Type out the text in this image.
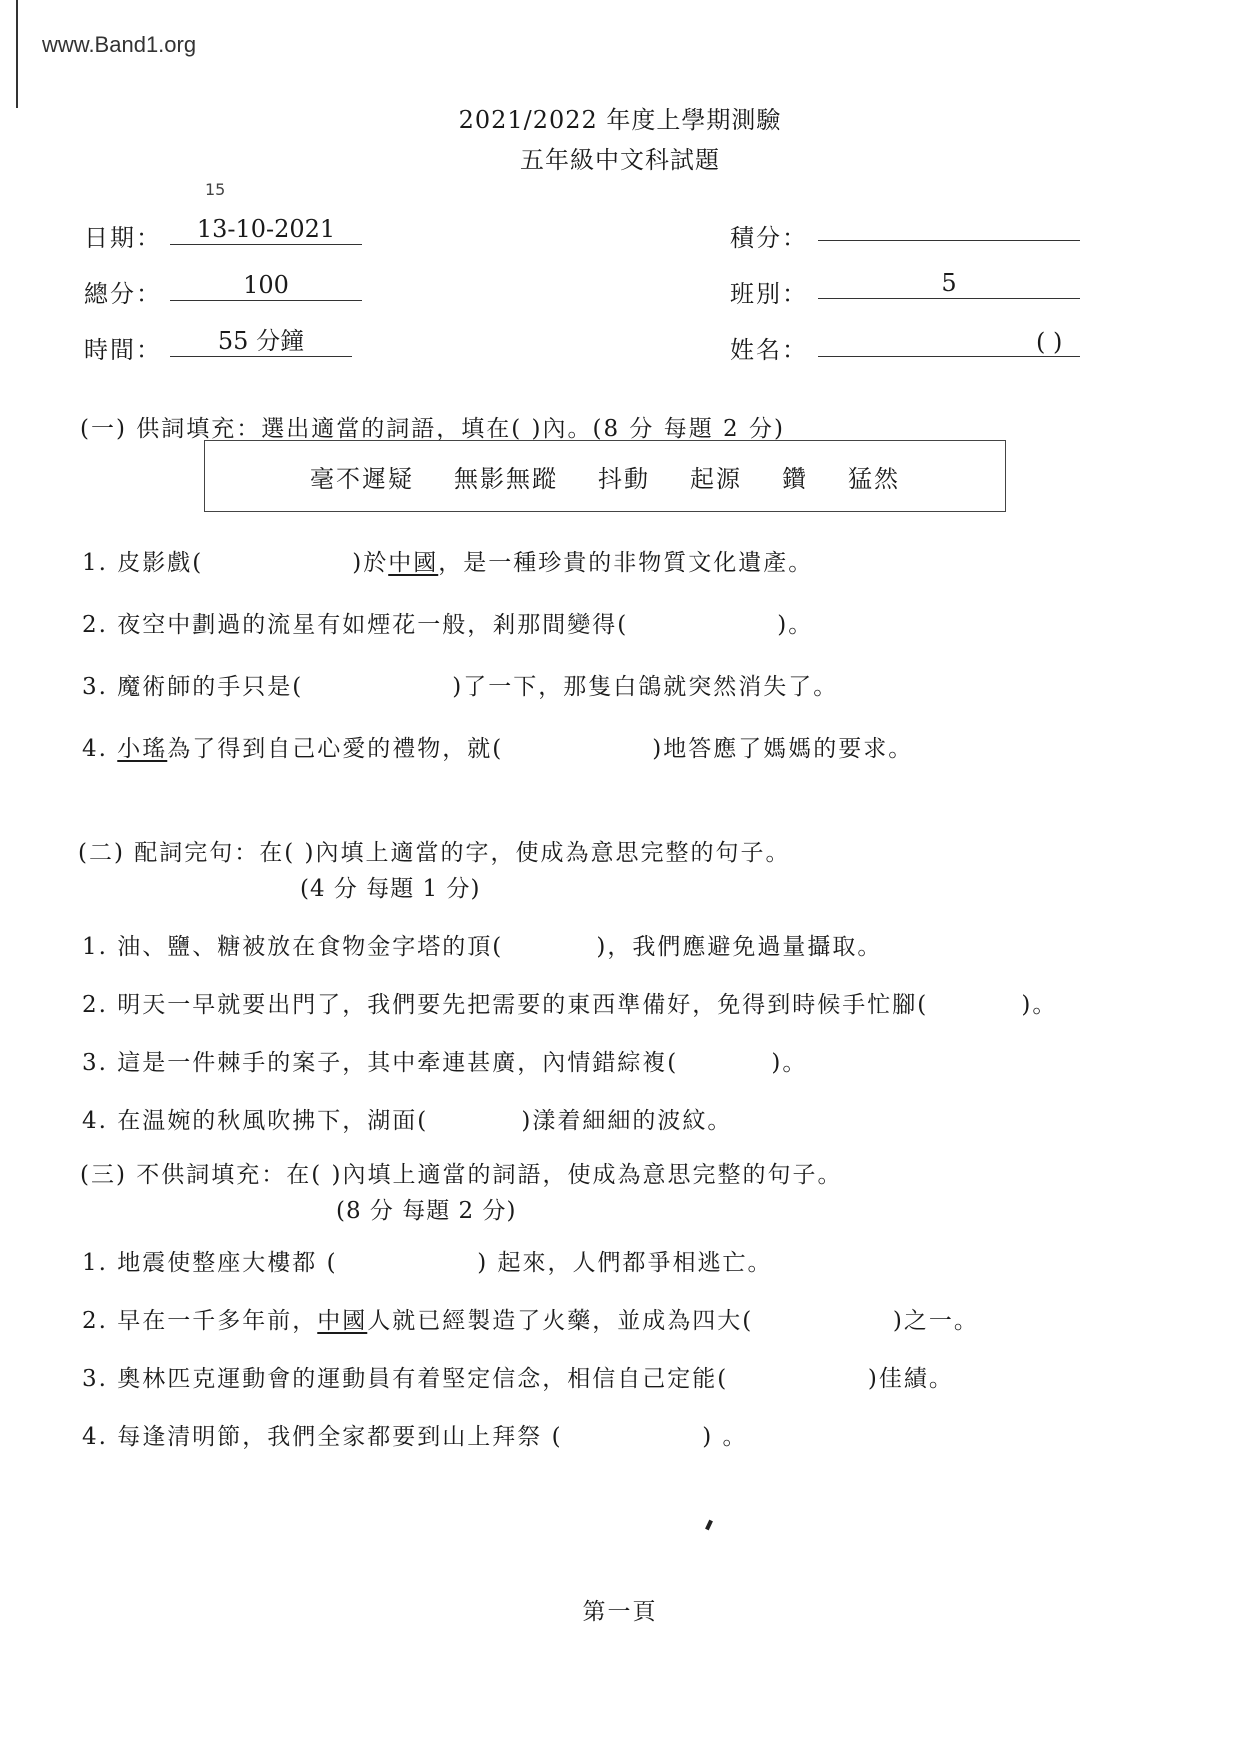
www.Band1.org
2021/2022 年度上學期測驗
五年級中文科試題
15
日期：	13-10-2021
總分：	100
時間：	55 分鐘
積分：
班別：	5
姓名：	( )
(一) 供詞填充：選出適當的詞語，填在( )內。(8 分 每題 2 分)
毫不遲疑 無影無蹤 抖動 起源 鑽 猛然
1. 皮影戲(	)於中國，是一種珍貴的非物質文化遺產。
2. 夜空中劃過的流星有如煙花一般，剎那間變得(	)。
3. 魔術師的手只是(	)了一下，那隻白鴿就突然消失了。
4. 小瑤為了得到自己心愛的禮物，就(	)地答應了媽媽的要求。
(二) 配詞完句：在( )內填上適當的字，使成為意思完整的句子。
(4 分 每題 1 分)
1. 油、鹽、糖被放在食物金字塔的頂(          )，我們應避免過量攝取。
2. 明天一早就要出門了，我們要先把需要的東西準備好，免得到時候手忙腳(          )。
3. 這是一件棘手的案子，其中牽連甚廣，內情錯綜複(          )。
4. 在温婉的秋風吹拂下，湖面(          )漾着細細的波紋。
(三) 不供詞填充：在( )內填上適當的詞語，使成為意思完整的句子。
(8 分 每題 2 分)
1. 地震使整座大樓都 (	) 起來，人們都爭相逃亡。
2. 早在一千多年前，中國人就已經製造了火藥，並成為四大(	)之一。
3. 奧林匹克運動會的運動員有着堅定信念，相信自己定能(	)佳績。
4. 每逢清明節，我們全家都要到山上拜祭 (	) 。
第一頁
